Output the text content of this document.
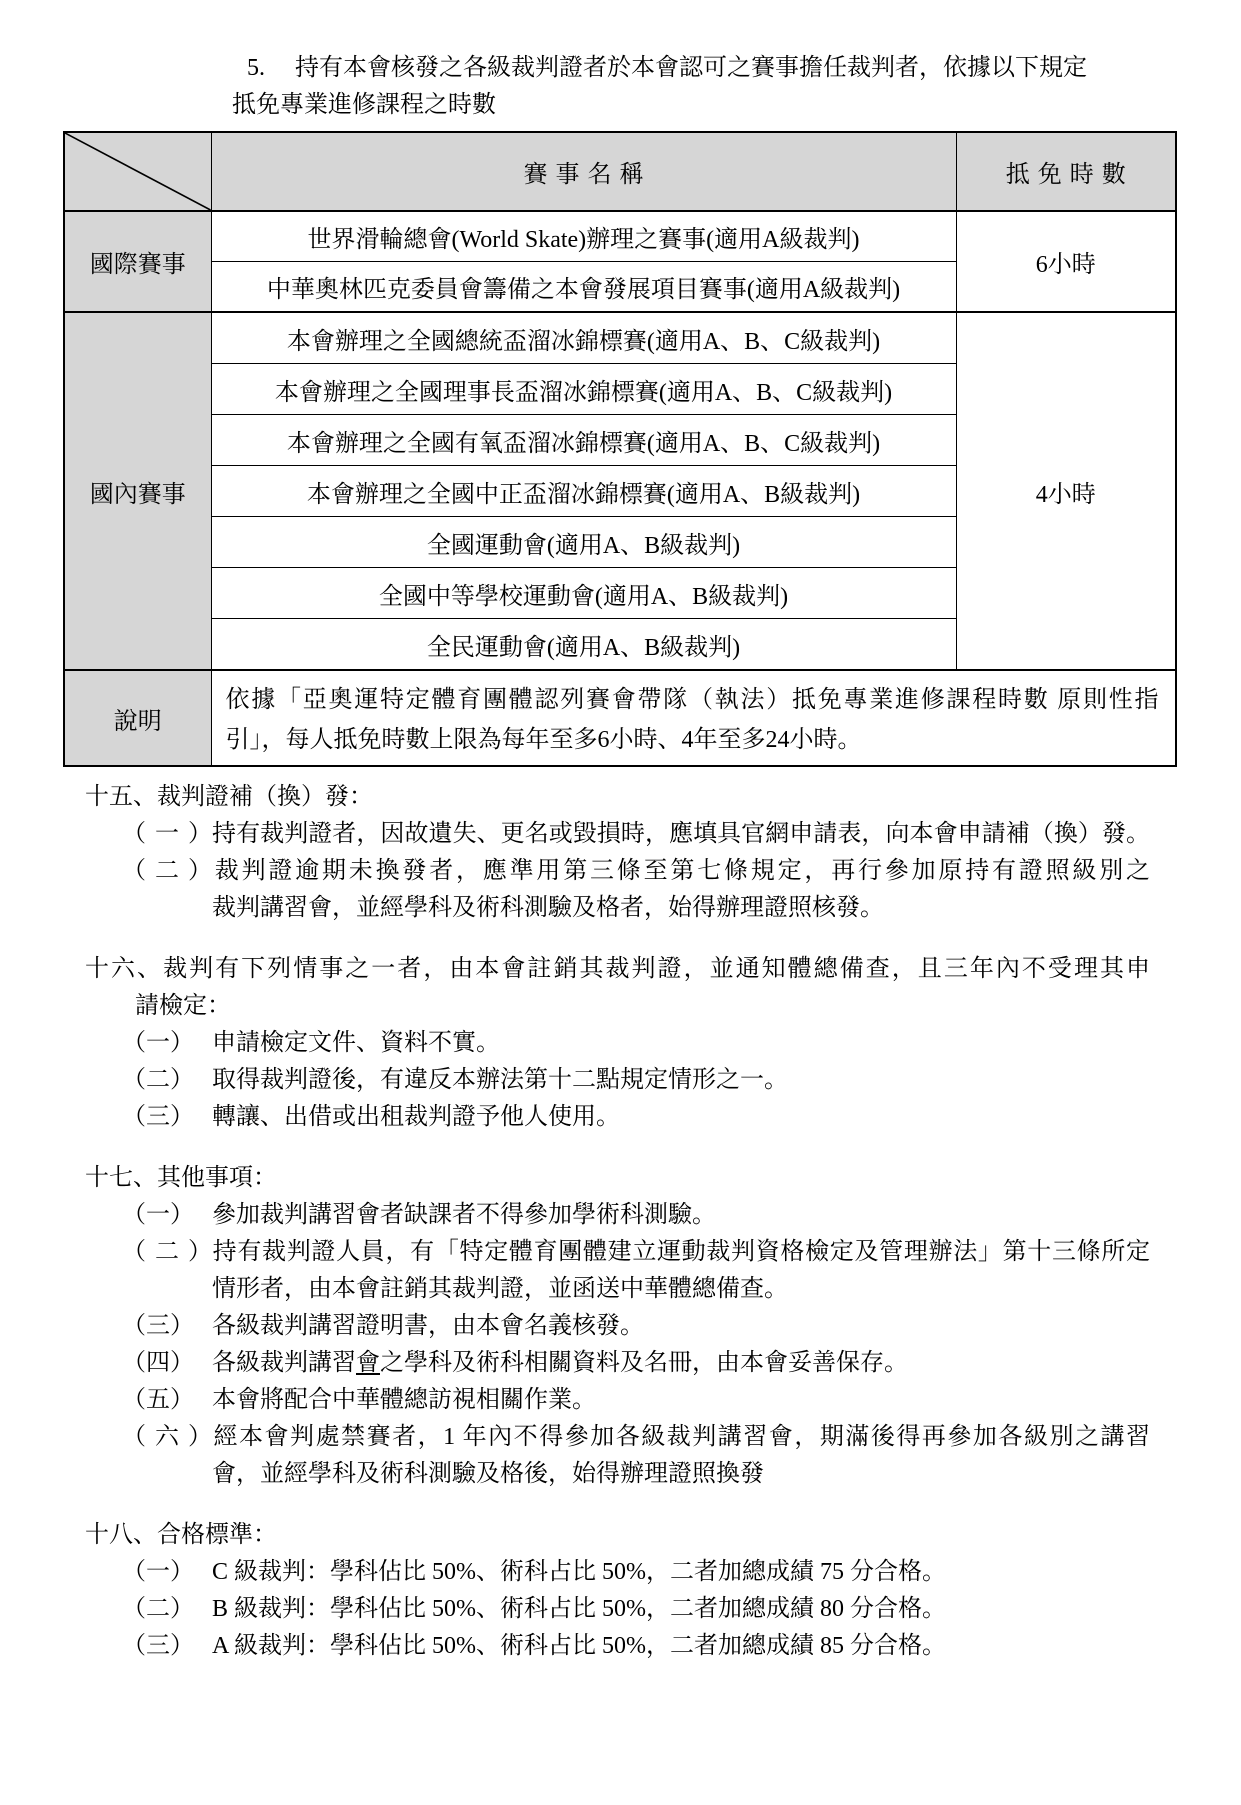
5. 持有本會核發之各級裁判證者於本會認可之賽事擔任裁判者，依據以下規定
抵免專業進修課程之時數
	賽事名稱	抵免時數
國際賽事	世界滑輪總會(World Skate)辦理之賽事(適用A級裁判)	6小時
	中華奧林匹克委員會籌備之本會發展項目賽事(適用A級裁判)	
國內賽事	本會辦理之全國總統盃溜冰錦標賽(適用A、B、C級裁判)	4小時
	本會辦理之全國理事長盃溜冰錦標賽(適用A、B、C級裁判)	
	本會辦理之全國有氧盃溜冰錦標賽(適用A、B、C級裁判)	
	本會辦理之全國中正盃溜冰錦標賽(適用A、B級裁判)	
	全國運動會(適用A、B級裁判)	
	全國中等學校運動會(適用A、B級裁判)	
	全民運動會(適用A、B級裁判)	
說明	依據「亞奧運特定體育團體認列賽會帶隊（執法）抵免專業進修課程時數 原則性指
引」，每人抵免時數上限為每年至多6小時、4年至多24小時。	
十五、裁判證補（換）發：
（一）持有裁判證者，因故遺失、更名或毀損時，應填具官網申請表，向本會申請補（換）發。
（二）裁判證逾期未換發者，應準用第三條至第七條規定，再行參加原持有證照級別之
裁判講習會，並經學科及術科測驗及格者，始得辦理證照核發。
十六、裁判有下列情事之一者，由本會註銷其裁判證，並通知體總備查，且三年內不受理其申
請檢定：
（一） 申請檢定文件、資料不實。
（二） 取得裁判證後，有違反本辦法第十二點規定情形之一。
（三） 轉讓、出借或出租裁判證予他人使用。
十七、其他事項：
（一） 參加裁判講習會者缺課者不得參加學術科測驗。
（二）持有裁判證人員，有「特定體育團體建立運動裁判資格檢定及管理辦法」第十三條所定
情形者，由本會註銷其裁判證，並函送中華體總備查。
（三） 各級裁判講習證明書，由本會名義核發。
（四） 各級裁判講習會之學科及術科相關資料及名冊，由本會妥善保存。
（五） 本會將配合中華體總訪視相關作業。
（六）經本會判處禁賽者，1 年內不得參加各級裁判講習會，期滿後得再參加各級別之講習
會，並經學科及術科測驗及格後，始得辦理證照換發
十八、合格標準：
（一） C 級裁判：學科佔比 50%、術科占比 50%，二者加總成績 75 分合格。
（二） B 級裁判：學科佔比 50%、術科占比 50%，二者加總成績 80 分合格。
（三） A 級裁判：學科佔比 50%、術科占比 50%，二者加總成績 85 分合格。
